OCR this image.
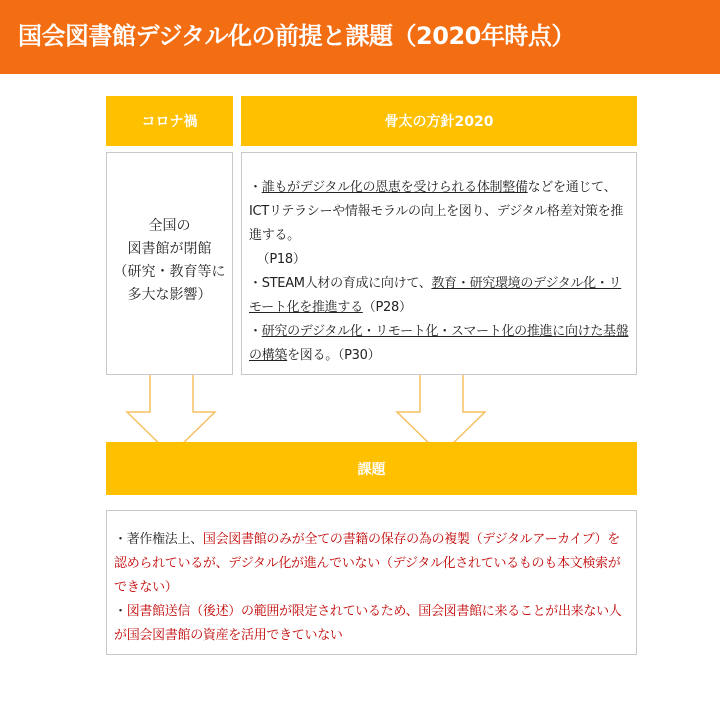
国会図書館デジタル化の前提と課題（2020年時点）
コロナ禍
全国の
図書館が閉館
（研究・教育等に
多大な影響）
骨太の方針2020

・誰もがデジタル化の恩恵を受けられる体制整備などを通じて、ICTリテラシーや情報モラルの向上を図り、デジタル格差対策を推進する。
（P18）

・STEAM人材の育成に向けて、教育・研究環境のデジタル化・リモート化を推進する（P28）

・研究のデジタル化・リモート化・スマート化の推進に向けた基盤の構築を図る。（P30）

課題

・著作権法上、国会図書館のみが全ての書籍の保存の為の複製（デジタルアーカイブ）を認められているが、デジタル化が進んでいない（デジタル化されているものも本文検索ができない）

・図書館送信（後述）の範囲が限定されているため、国会図書館に来ることが出来ない人が国会図書館の資産を活用できていない
